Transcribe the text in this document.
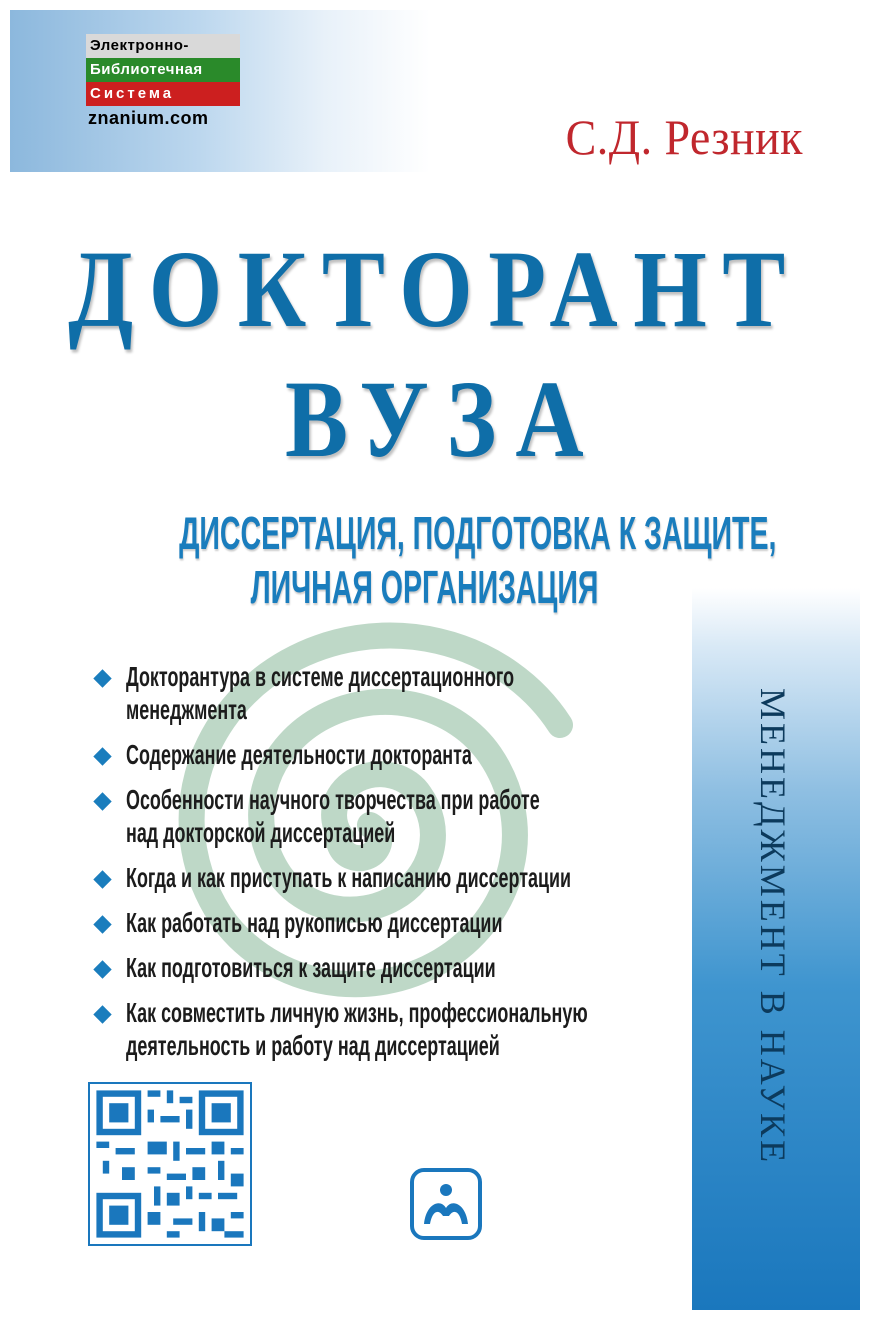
Электронно-
Библиотечная
Система
znanium.com	С.Д. Резник
ДОКТОРАНТ
ВУЗА
ДИССЕРТАЦИЯ, ПОДГОТОВКА К ЗАЩИТЕ,
ЛИЧНАЯ ОРГАНИЗАЦИЯ
МЕНЕДЖМЕНТ В НАУКЕ
Докторантура в системе диссертационного
менеджмента
Содержание деятельности докторанта
Особенности научного творчества при работе
над докторской диссертацией
Когда и как приступать к написанию диссертации
Как работать над рукописью диссертации
Как подготовиться к защите диссертации
Как совместить личную жизнь, профессиональную
деятельность и работу над диссертацией
